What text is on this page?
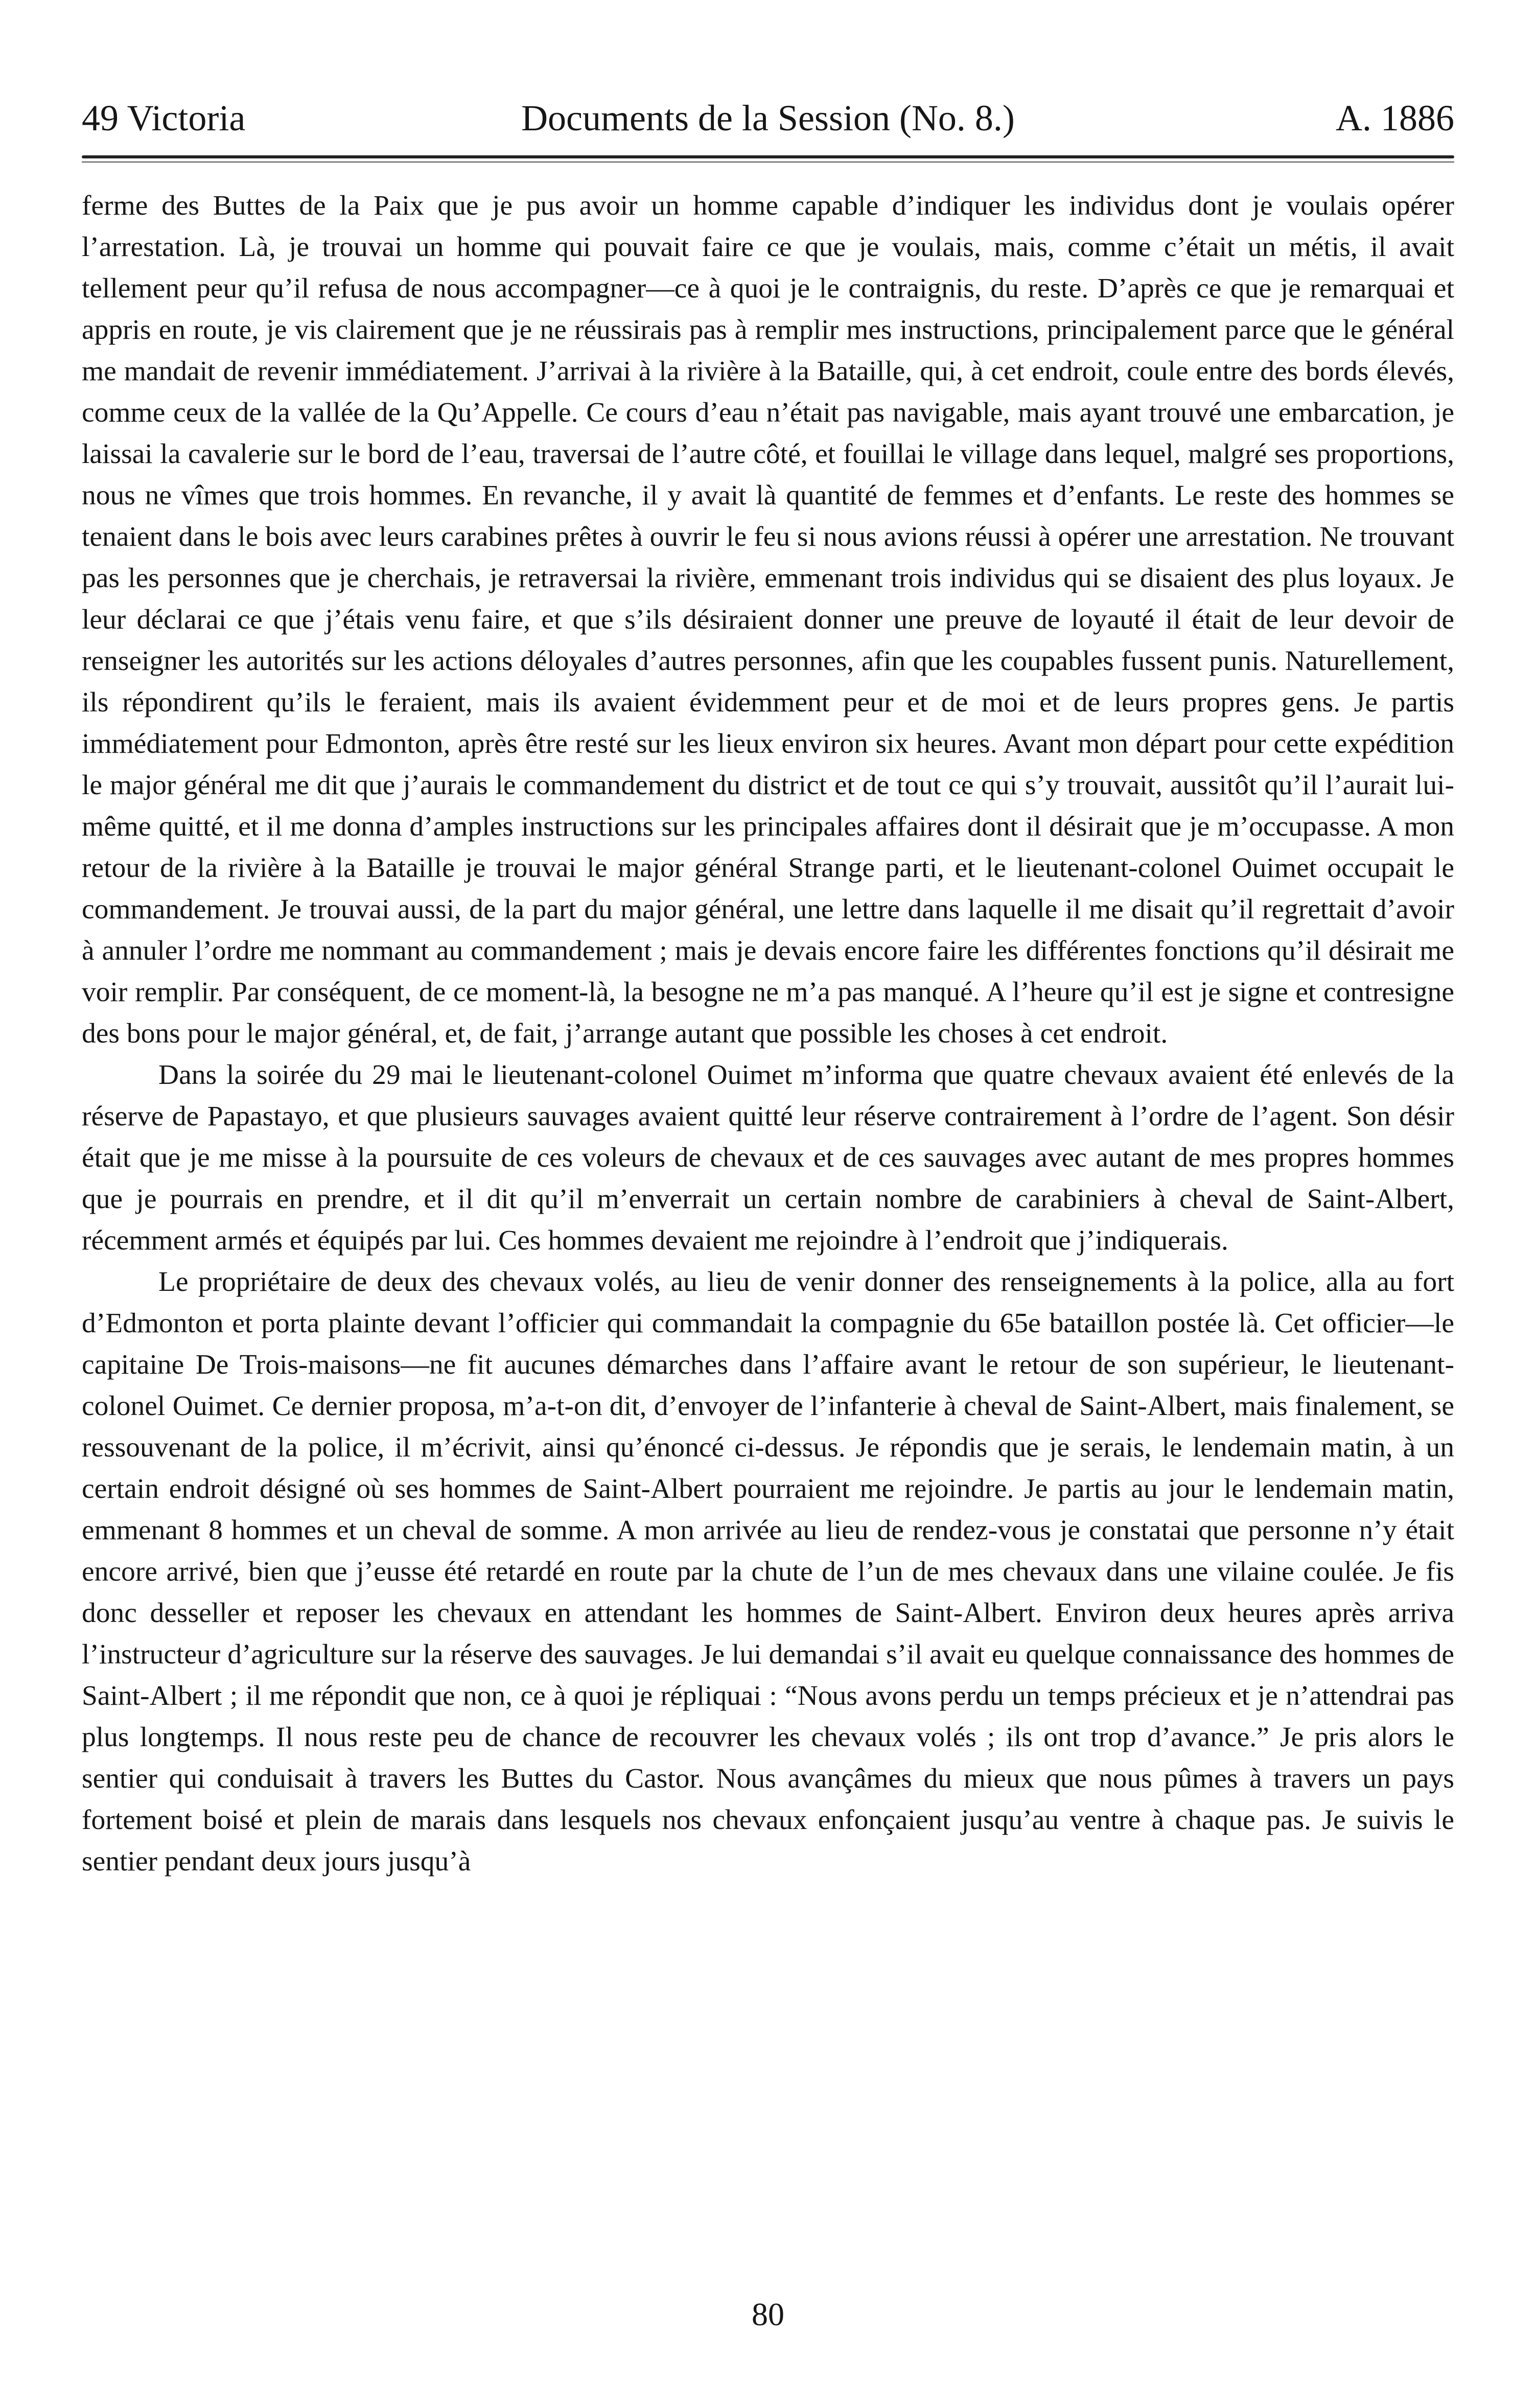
Documents de la Session (No. 8.)
49 Victoria	A. 1886

ferme des Buttes de la Paix que je pus avoir un homme capable d’indiquer les individus dont je voulais opérer l’arrestation. Là, je trouvai un homme qui pouvait faire ce que je voulais, mais, comme c’était un métis, il avait tellement peur qu’il refusa de nous accompagner—ce à quoi je le contraignis, du reste. D’après ce que je remarquai et appris en route, je vis clairement que je ne réussirais pas à remplir mes instructions, principalement parce que le général me mandait de revenir immédiatement. J’arrivai à la rivière à la Bataille, qui, à cet endroit, coule entre des bords élevés, comme ceux de la vallée de la Qu’Appelle. Ce cours d’eau n’était pas navigable, mais ayant trouvé une embarcation, je laissai la cavalerie sur le bord de l’eau, traversai de l’autre côté, et fouillai le village dans lequel, malgré ses proportions, nous ne vîmes que trois hommes. En revanche, il y avait là quantité de femmes et d’enfants. Le reste des hommes se tenaient dans le bois avec leurs carabines prêtes à ouvrir le feu si nous avions réussi à opérer une arrestation. Ne trouvant pas les personnes que je cherchais, je retraversai la rivière, emmenant trois individus qui se disaient des plus loyaux. Je leur déclarai ce que j’étais venu faire, et que s’ils désiraient donner une preuve de loyauté il était de leur devoir de renseigner les autorités sur les actions déloyales d’autres personnes, afin que les coupables fussent punis. Naturellement, ils répondirent qu’ils le feraient, mais ils avaient évidemment peur et de moi et de leurs propres gens. Je partis immédiatement pour Edmonton, après être resté sur les lieux environ six heures. Avant mon départ pour cette expédition le major général me dit que j’aurais le commandement du district et de tout ce qui s’y trouvait, aussitôt qu’il l’aurait lui-même quitté, et il me donna d’amples instructions sur les principales affaires dont il désirait que je m’occupasse. A mon retour de la rivière à la Bataille je trouvai le major général Strange parti, et le lieutenant-colonel Ouimet occupait le commandement. Je trouvai aussi, de la part du major général, une lettre dans laquelle il me disait qu’il regrettait d’avoir à annuler l’ordre me nommant au commandement ; mais je devais encore faire les différentes fonctions qu’il désirait me voir remplir. Par conséquent, de ce moment-là, la besogne ne m’a pas manqué. A l’heure qu’il est je signe et contresigne des bons pour le major général, et, de fait, j’arrange autant que possible les choses à cet endroit.

Dans la soirée du 29 mai le lieutenant-colonel Ouimet m’informa que quatre chevaux avaient été enlevés de la réserve de Papastayo, et que plusieurs sauvages avaient quitté leur réserve contrairement à l’ordre de l’agent. Son désir était que je me misse à la poursuite de ces voleurs de chevaux et de ces sauvages avec autant de mes propres hommes que je pourrais en prendre, et il dit qu’il m’enverrait un certain nombre de carabiniers à cheval de Saint-Albert, récemment armés et équipés par lui. Ces hommes devaient me rejoindre à l’endroit que j’indiquerais.

Le propriétaire de deux des chevaux volés, au lieu de venir donner des renseignements à la police, alla au fort d’Edmonton et porta plainte devant l’officier qui commandait la compagnie du 65e bataillon postée là. Cet officier—le capitaine De Trois-maisons—ne fit aucunes démarches dans l’affaire avant le retour de son supérieur, le lieutenant-colonel Ouimet. Ce dernier proposa, m’a-t-on dit, d’envoyer de l’infanterie à cheval de Saint-Albert, mais finalement, se ressouvenant de la police, il m’écrivit, ainsi qu’énoncé ci-dessus. Je répondis que je serais, le lendemain matin, à un certain endroit désigné où ses hommes de Saint-Albert pourraient me rejoindre. Je partis au jour le lendemain matin, emmenant 8 hommes et un cheval de somme. A mon arrivée au lieu de rendez-vous je constatai que personne n’y était encore arrivé, bien que j’eusse été retardé en route par la chute de l’un de mes chevaux dans une vilaine coulée. Je fis donc desseller et reposer les chevaux en attendant les hommes de Saint-Albert. Environ deux heures après arriva l’instructeur d’agriculture sur la réserve des sauvages. Je lui demandai s’il avait eu quelque connaissance des hommes de Saint-Albert ; il me répondit que non, ce à quoi je répliquai : “Nous avons perdu un temps précieux et je n’attendrai pas plus longtemps. Il nous reste peu de chance de recouvrer les chevaux volés ; ils ont trop d’avance.” Je pris alors le sentier qui conduisait à travers les Buttes du Castor. Nous avançâmes du mieux que nous pûmes à travers un pays fortement boisé et plein de marais dans lesquels nos chevaux enfonçaient jusqu’au ventre à chaque pas. Je suivis le sentier pendant deux jours jusqu’à

80
